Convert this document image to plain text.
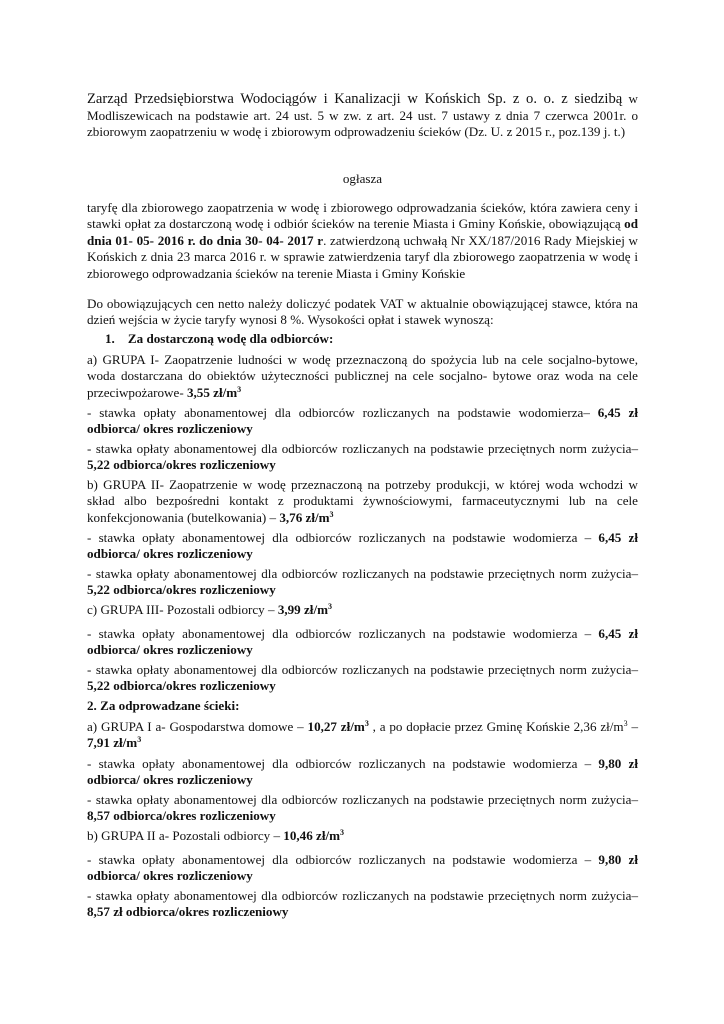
Zarząd Przedsiębiorstwa Wodociągów i Kanalizacji w Końskich Sp. z o. o. z siedzibą w Modliszewicach na podstawie art. 24 ust. 5 w zw. z art. 24 ust. 7 ustawy z dnia 7 czerwca 2001r. o zbiorowym zaopatrzeniu w wodę i zbiorowym odprowadzeniu ścieków (Dz. U. z 2015 r., poz.139 j. t.)
ogłasza
taryfę dla zbiorowego zaopatrzenia w wodę i zbiorowego odprowadzania ścieków, która zawiera ceny i stawki opłat za dostarczoną wodę i odbiór ścieków na terenie Miasta i Gminy Końskie, obowiązującą od dnia 01- 05- 2016 r. do dnia 30- 04- 2017 r. zatwierdzoną uchwałą Nr XX/187/2016 Rady Miejskiej w Końskich z dnia 23 marca 2016 r. w sprawie zatwierdzenia taryf dla zbiorowego zaopatrzenia w wodę i zbiorowego odprowadzania ścieków na terenie Miasta i Gminy Końskie
Do obowiązujących cen netto należy doliczyć podatek VAT w aktualnie obowiązującej stawce, która na dzień wejścia w życie taryfy wynosi 8 %. Wysokości opłat i stawek wynoszą:
1. Za dostarczoną wodę dla odbiorców:
a) GRUPA I- Zaopatrzenie ludności w wodę przeznaczoną do spożycia lub na cele socjalno-bytowe, woda dostarczana do obiektów użyteczności publicznej na cele socjalno- bytowe oraz woda na cele przeciwpożarowe- 3,55 $zł/m^3$
- stawka opłaty abonamentowej dla odbiorców rozliczanych na podstawie wodomierza– 6,45 zł odbiorca/ okres rozliczeniowy
- stawka opłaty abonamentowej dla odbiorców rozliczanych na podstawie przeciętnych norm zużycia– 5,22 odbiorca/okres rozliczeniowy
b) GRUPA II- Zaopatrzenie w wodę przeznaczoną na potrzeby produkcji, w której woda wchodzi w skład albo bezpośredni kontakt z produktami żywnościowymi, farmaceutycznymi lub na cele konfekcjonowania (butelkowania) – 3,76 $zł/m^3$
- stawka opłaty abonamentowej dla odbiorców rozliczanych na podstawie wodomierza – 6,45 zł odbiorca/ okres rozliczeniowy
- stawka opłaty abonamentowej dla odbiorców rozliczanych na podstawie przeciętnych norm zużycia– 5,22 odbiorca/okres rozliczeniowy
c) GRUPA III- Pozostali odbiorcy – 3,99 $zł/m^3$
- stawka opłaty abonamentowej dla odbiorców rozliczanych na podstawie wodomierza – 6,45 zł odbiorca/ okres rozliczeniowy
- stawka opłaty abonamentowej dla odbiorców rozliczanych na podstawie przeciętnych norm zużycia– 5,22 odbiorca/okres rozliczeniowy
2. Za odprowadzane ścieki:
a) GRUPA I a- Gospodarstwa domowe – 10,27 $zł/m^3$ , a po dopłacie przez Gminę Końskie 2,36 $zł/m^3 - 7,91$ $zł/m^3$
- stawka opłaty abonamentowej dla odbiorców rozliczanych na podstawie wodomierza – 9,80 zł odbiorca/ okres rozliczeniowy
- stawka opłaty abonamentowej dla odbiorców rozliczanych na podstawie przeciętnych norm zużycia– 8,57 odbiorca/okres rozliczeniowy
b) GRUPA II a- Pozostali odbiorcy – 10,46 $zł/m^3$
- stawka opłaty abonamentowej dla odbiorców rozliczanych na podstawie wodomierza – 9,80 zł odbiorca/ okres rozliczeniowy
- stawka opłaty abonamentowej dla odbiorców rozliczanych na podstawie przeciętnych norm zużycia– 8,57 zł odbiorca/okres rozliczeniowy
